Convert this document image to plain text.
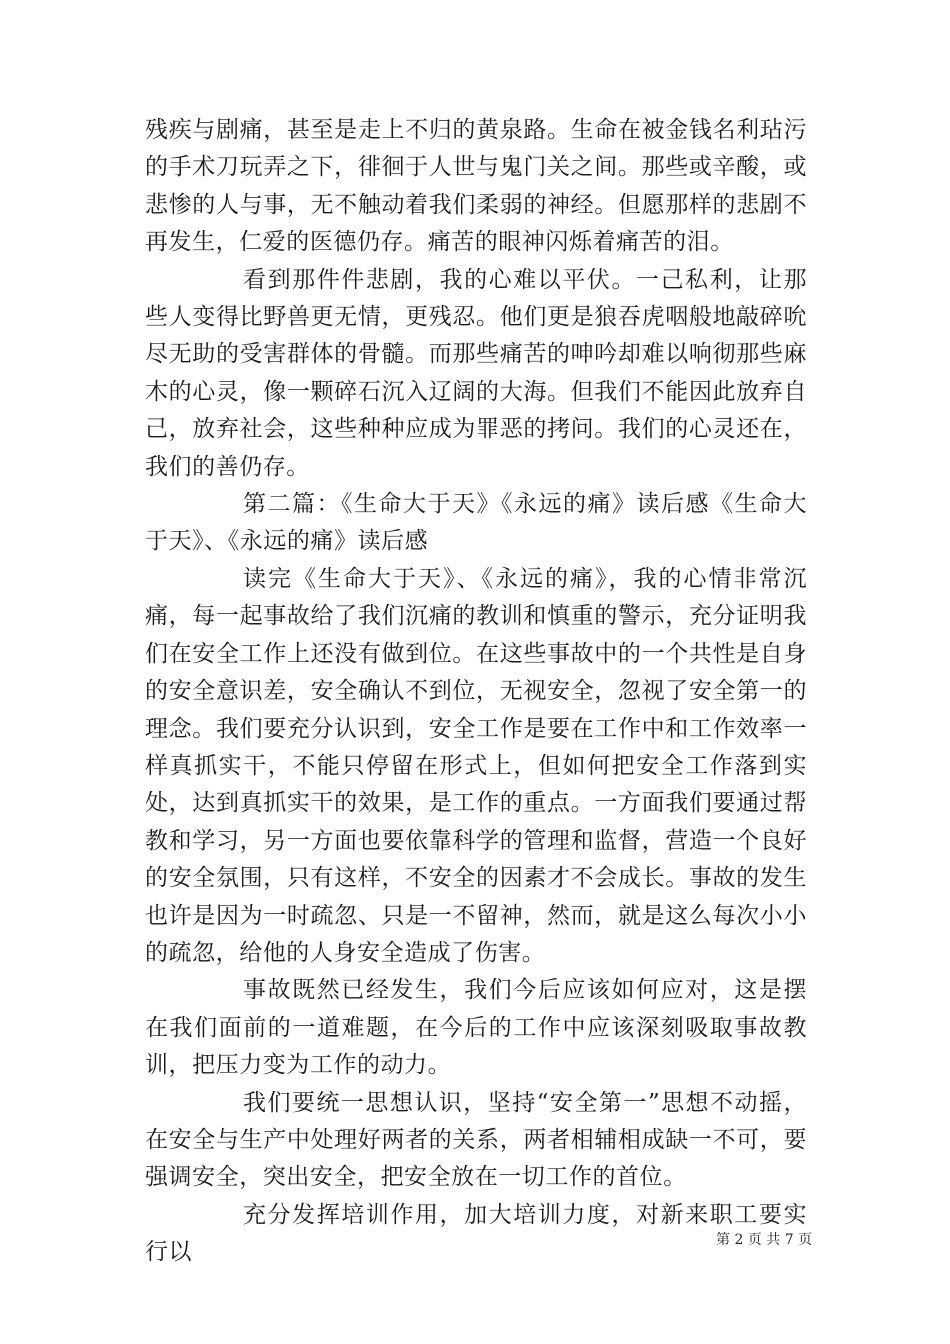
残疾与剧痛，甚至是走上不归的黄泉路。生命在被金钱名利玷污的手术刀玩弄之下，徘徊于人世与鬼门关之间。那些或辛酸，或悲惨的人与事，无不触动着我们柔弱的神经。但愿那样的悲剧不再发生，仁爱的医德仍存。痛苦的眼神闪烁着痛苦的泪。

看到那件件悲剧，我的心难以平伏。一己私利，让那些人变得比野兽更无情，更残忍。他们更是狼吞虎咽般地敲碎吮尽无助的受害群体的骨髓。而那些痛苦的呻吟却难以响彻那些麻木的心灵，像一颗碎石沉入辽阔的大海。但我们不能因此放弃自己，放弃社会，这些种种应成为罪恶的拷问。我们的心灵还在，我们的善仍存。

第二篇：《生命大于天》《永远的痛》读后感《生命大于天》、《永远的痛》读后感

读完《生命大于天》、《永远的痛》，我的心情非常沉痛，每一起事故给了我们沉痛的教训和慎重的警示，充分证明我们在安全工作上还没有做到位。在这些事故中的一个共性是自身的安全意识差，安全确认不到位，无视安全，忽视了安全第一的理念。我们要充分认识到，安全工作是要在工作中和工作效率一样真抓实干，不能只停留在形式上，但如何把安全工作落到实处，达到真抓实干的效果，是工作的重点。一方面我们要通过帮教和学习，另一方面也要依靠科学的管理和监督，营造一个良好的安全氛围，只有这样，不安全的因素才不会成长。事故的发生也许是因为一时疏忽、只是一不留神，然而，就是这么每次小小的疏忽，给他的人身安全造成了伤害。

事故既然已经发生，我们今后应该如何应对，这是摆在我们面前的一道难题，在今后的工作中应该深刻吸取事故教训，把压力变为工作的动力。

我们要统一思想认识，坚持“安全第一”思想不动摇，在安全与生产中处理好两者的关系，两者相辅相成缺一不可，要强调安全，突出安全，把安全放在一切工作的首位。

充分发挥培训作用，加大培训力度，对新来职工要实行以	第 2 页 共 7 页
